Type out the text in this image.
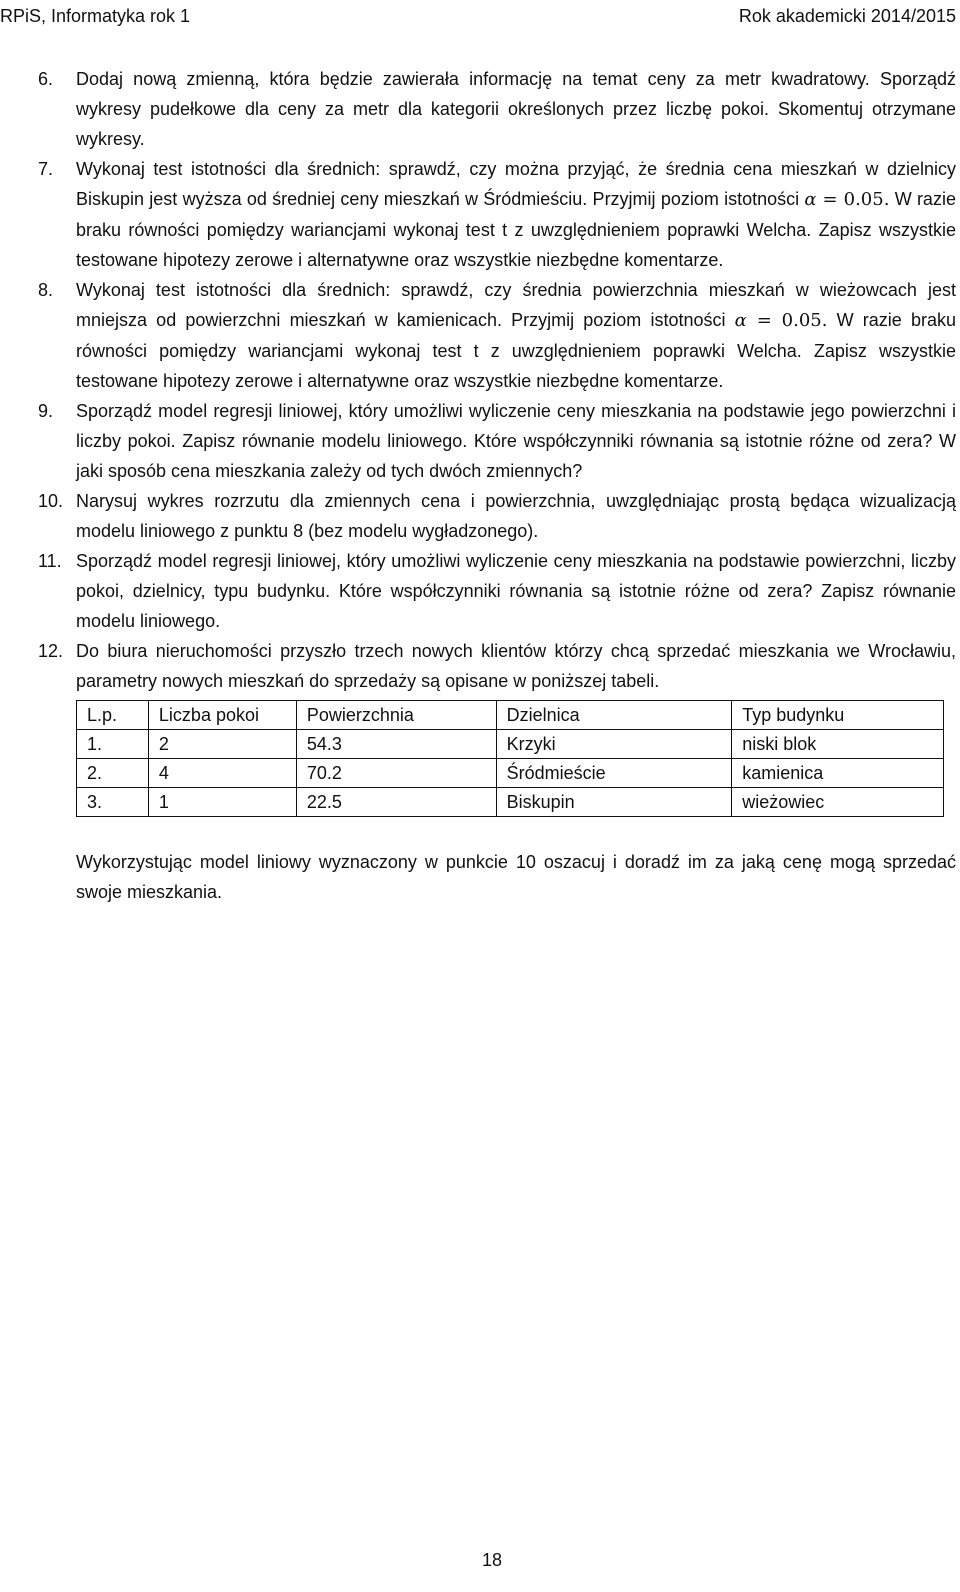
RPiS, Informatyka rok 1	Rok akademicki 2014/2015
6. Dodaj nową zmienną, która będzie zawierała informację na temat ceny za metr kwadratowy. Sporządź wykresy pudełkowe dla ceny za metr dla kategorii określonych przez liczbę pokoi. Skomentuj otrzymane wykresy.
7. Wykonaj test istotności dla średnich: sprawdź, czy można przyjąć, że średnia cena mieszkań w dzielnicy Biskupin jest wyższa od średniej ceny mieszkań w Śródmieściu. Przyjmij poziom istotności α = 0.05. W razie braku równości pomiędzy wariancjami wykonaj test t z uwzględnieniem poprawki Welcha. Zapisz wszystkie testowane hipotezy zerowe i alternatywne oraz wszystkie niezbędne komentarze.
8. Wykonaj test istotności dla średnich: sprawdź, czy średnia powierzchnia mieszkań w wieżowcach jest mniejsza od powierzchni mieszkań w kamienicach. Przyjmij poziom istotności α = 0.05. W razie braku równości pomiędzy wariancjami wykonaj test t z uwzględnieniem poprawki Welcha. Zapisz wszystkie testowane hipotezy zerowe i alternatywne oraz wszystkie niezbędne komentarze.
9. Sporządź model regresji liniowej, który umożliwi wyliczenie ceny mieszkania na podstawie jego powierzchni i liczby pokoi. Zapisz równanie modelu liniowego. Które współczynniki równania są istotnie różne od zera? W jaki sposób cena mieszkania zależy od tych dwóch zmiennych?
10. Narysuj wykres rozrzutu dla zmiennych cena i powierzchnia, uwzględniając prostą będąca wizualizacją modelu liniowego z punktu 8 (bez modelu wygładzonego).
11. Sporządź model regresji liniowej, który umożliwi wyliczenie ceny mieszkania na podstawie powierzchni, liczby pokoi, dzielnicy, typu budynku. Które współczynniki równania są istotnie różne od zera? Zapisz równanie modelu liniowego.
12. Do biura nieruchomości przyszło trzech nowych klientów którzy chcą sprzedać mieszkania we Wrocławiu, parametry nowych mieszkań do sprzedaży są opisane w poniższej tabeli.
L.p.	Liczba pokoi	Powierzchnia	Dzielnica	Typ budynku
1.	2	54.3	Krzyki	niski blok
2.	4	70.2	Śródmieście	kamienica
3.	1	22.5	Biskupin	wieżowiec
Wykorzystując model liniowy wyznaczony w punkcie 10 oszacuj i doradź im za jaką cenę mogą sprzedać swoje mieszkania.
18
